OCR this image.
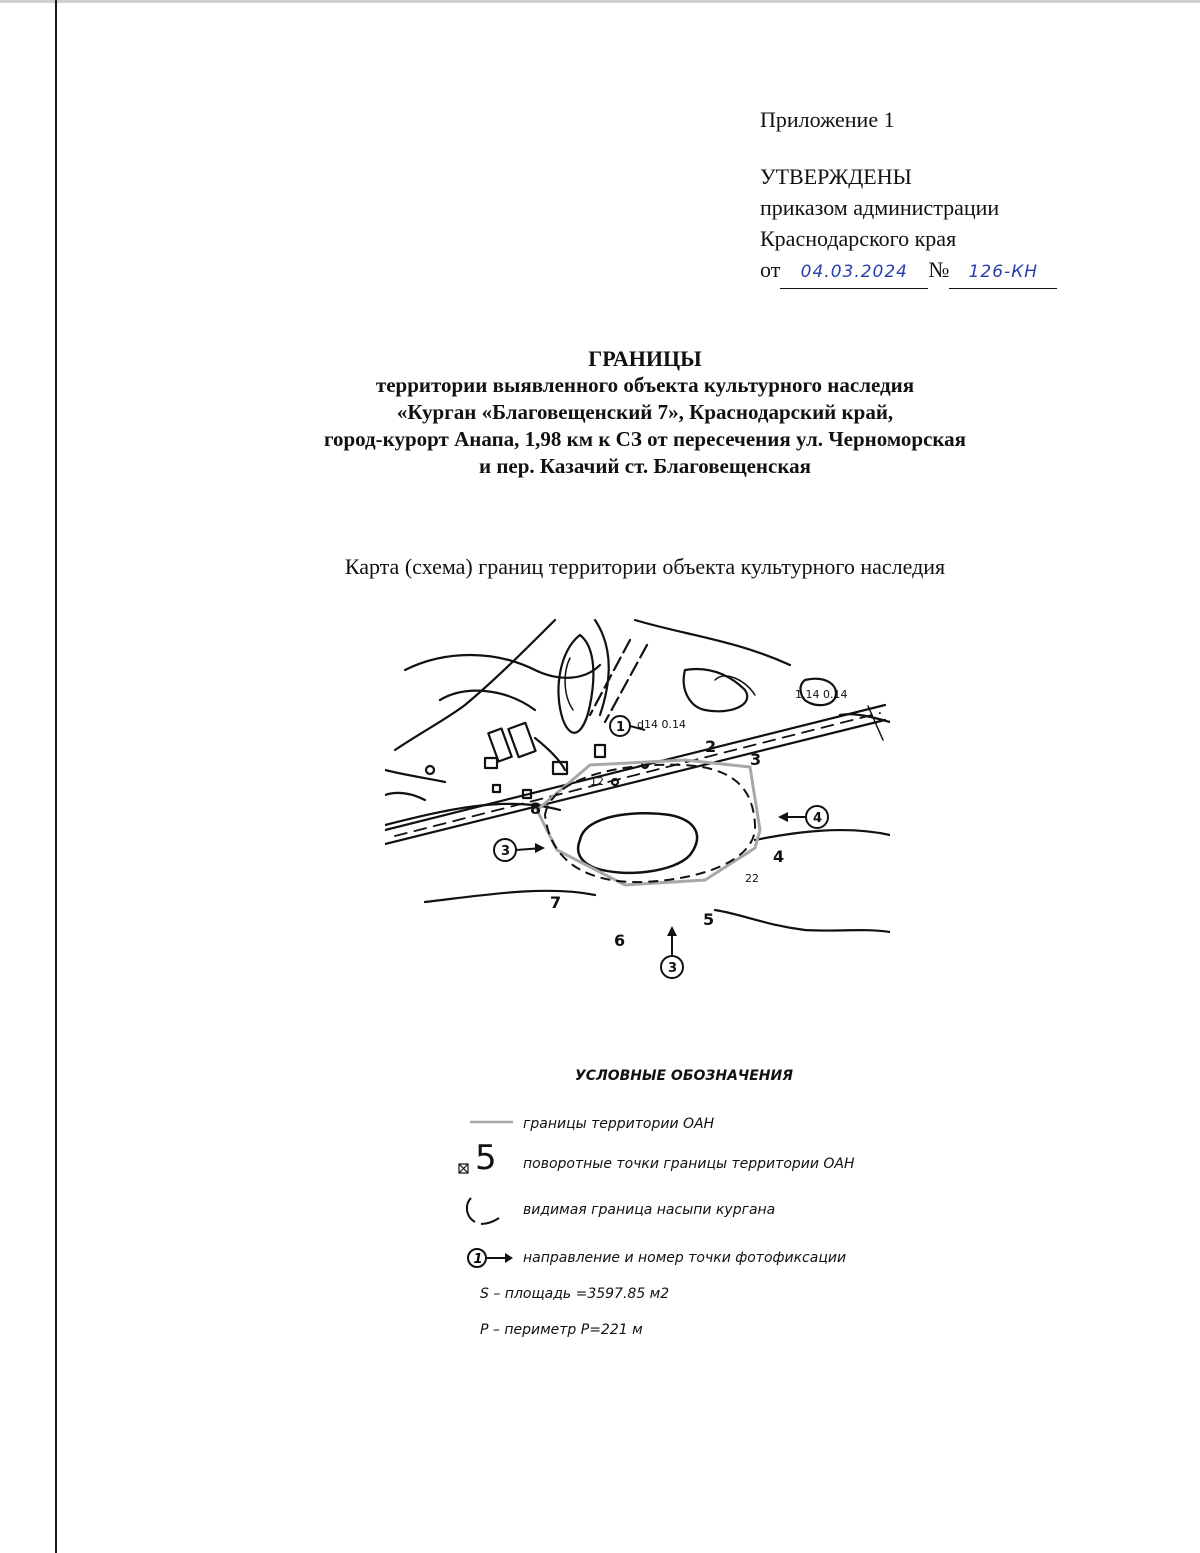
Приложение 1
УТВЕРЖДЕНЫ
приказом администрации
Краснодарского края
от 04.03.2024 № 126-КН
ГРАНИЦЫ
территории выявленного объекта культурного наследия
«Курган «Благовещенский 7», Краснодарский край,
город-курорт Анапа, 1,98 км к СЗ от пересечения ул. Черноморская
и пер. Казачий ст. Благовещенская
Карта (схема) границ территории объекта культурного наследия
3
4
5
6
7
8
2
22
12
d14 0.14
1.14 0.14
1
3
4
3
УСЛОВНЫЕ ОБОЗНАЧЕНИЯ
границы территории ОАН
5 поворотные точки границы территории ОАН
видимая граница насыпи кургана
1	направление и номер точки фотофиксации
S – площадь =3597.85 м2
P – периметр P=221 м
